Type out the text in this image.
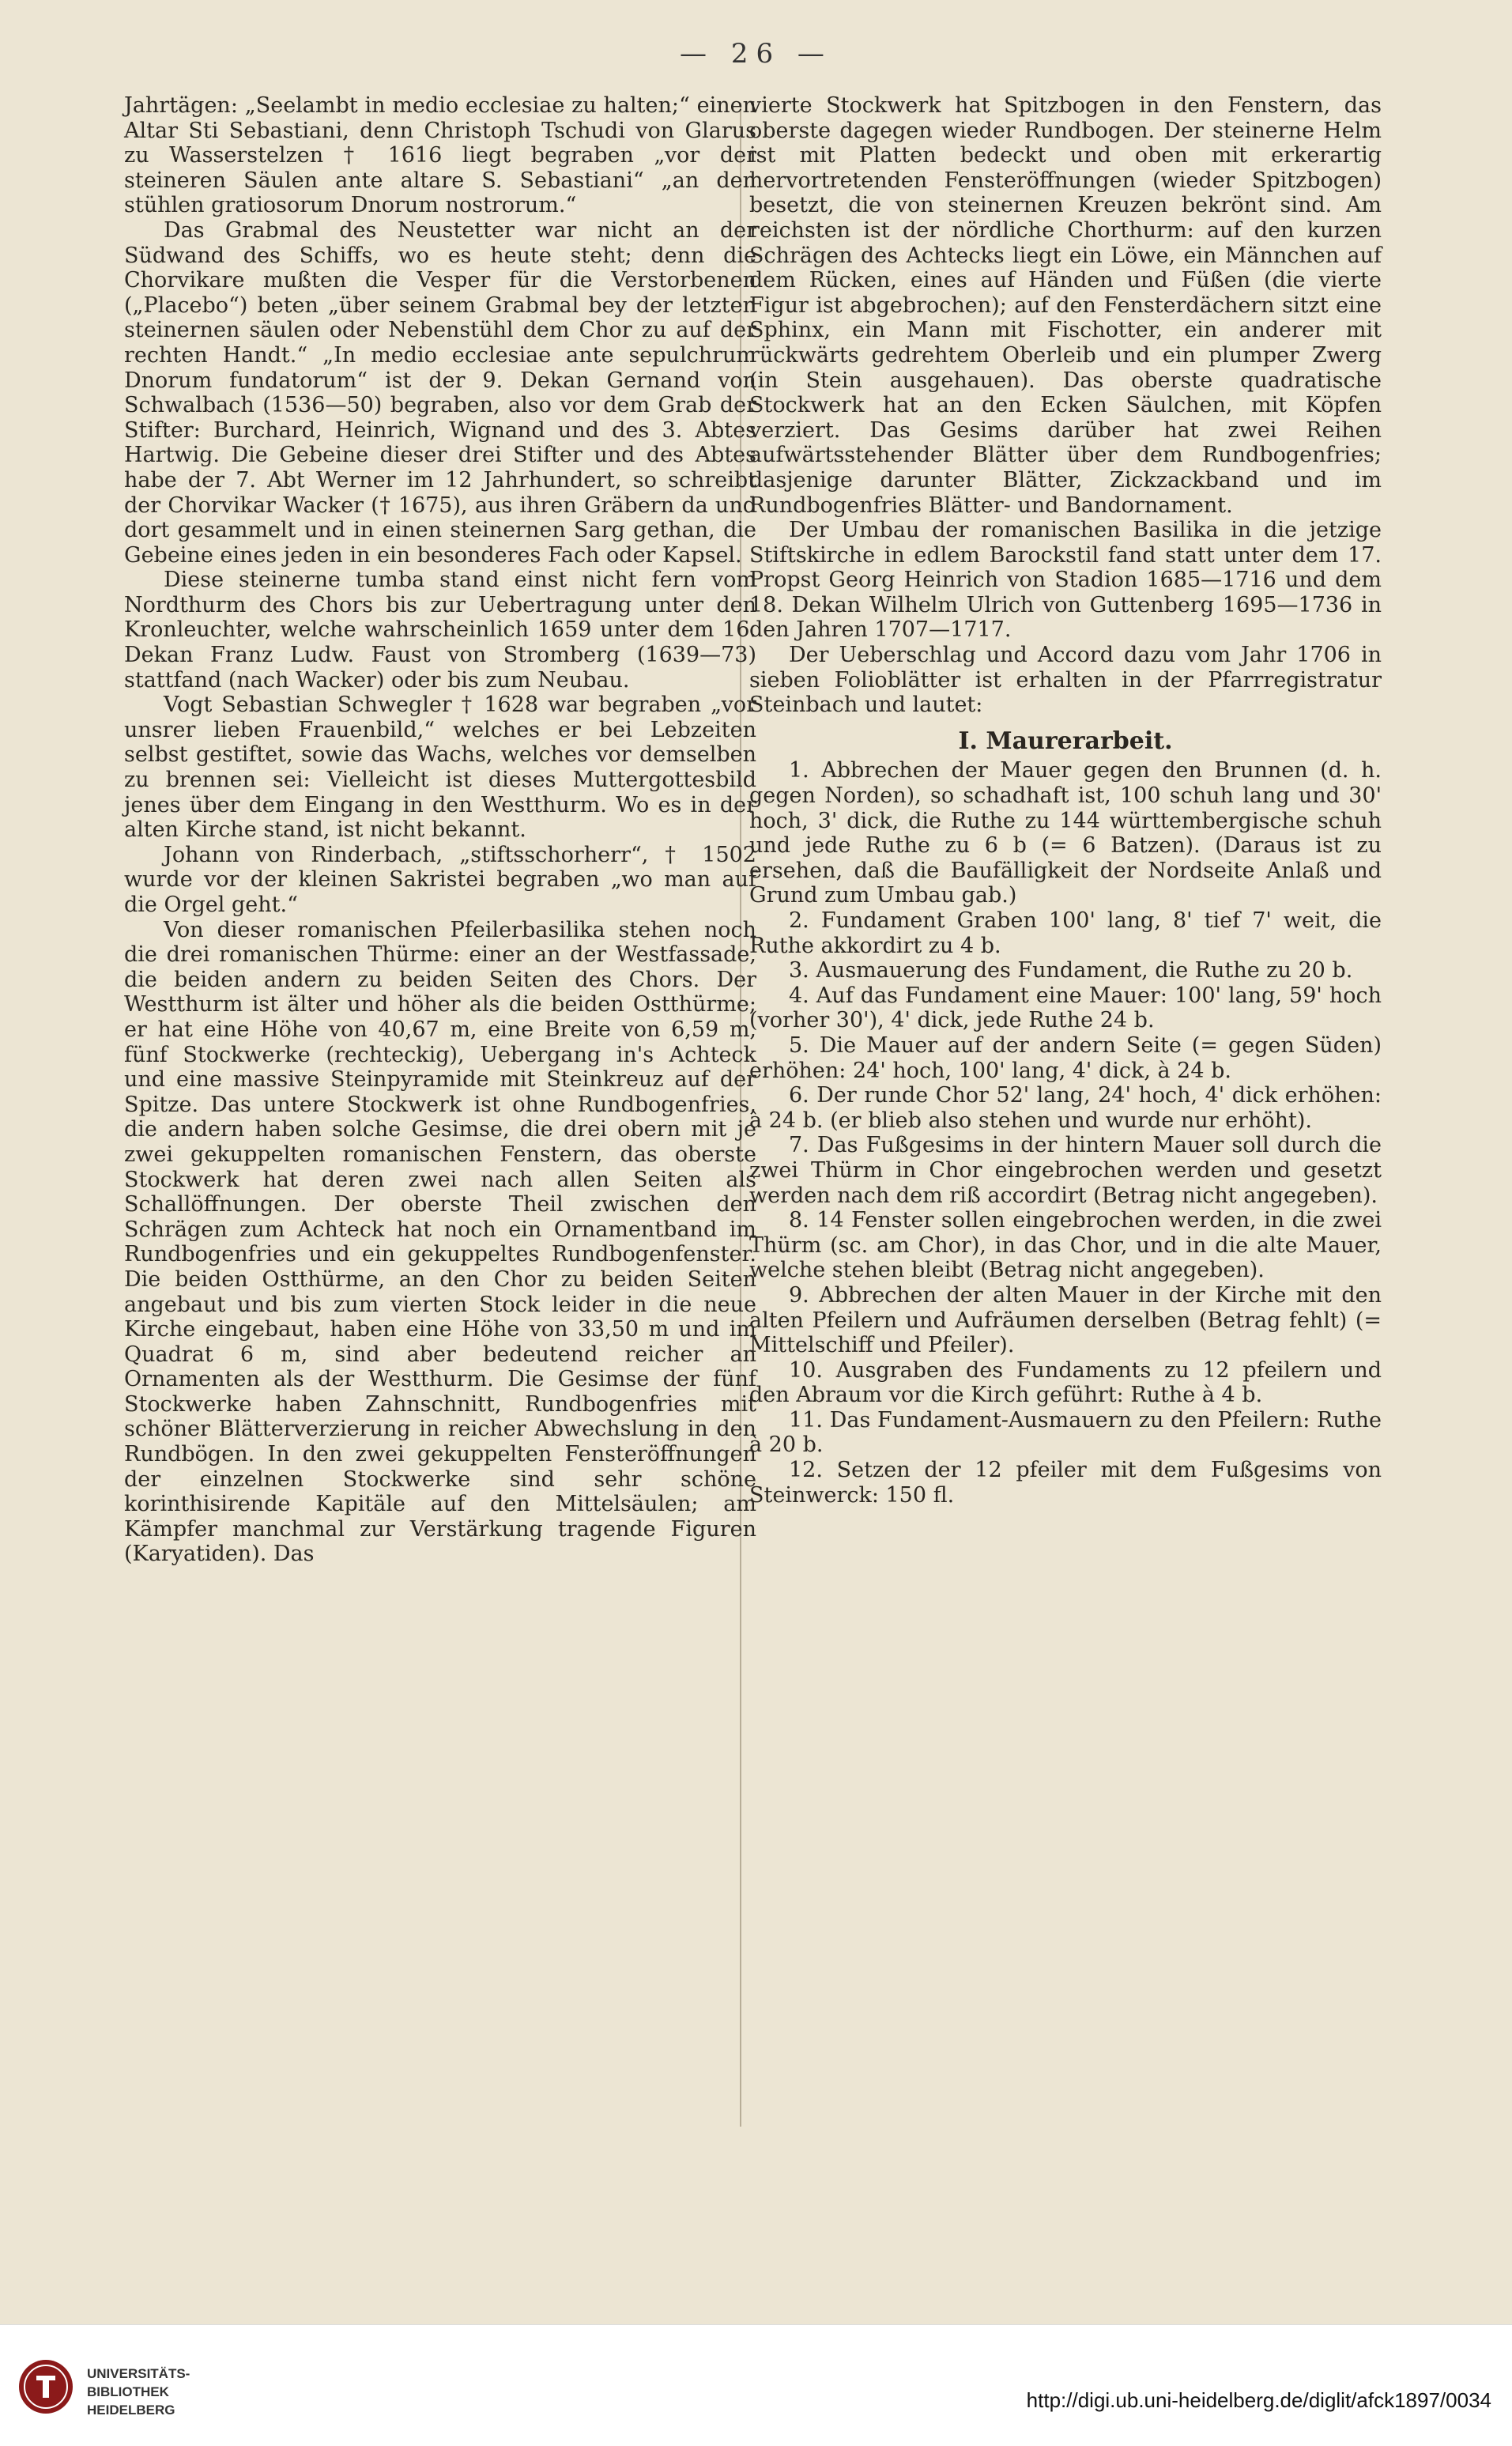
— 26 —

Jahrtägen: „Seelambt in medio ecclesiae zu halten;“ einen Altar Sti Sebastiani, denn Christoph Tschudi von Glarus zu Wasserstelzen † 1616 liegt begraben „vor der steineren Säulen ante altare S. Sebastiani“ „an den stühlen gratiosorum Dnorum nostrorum.“

Das Grabmal des Neustetter war nicht an der Südwand des Schiffs, wo es heute steht; denn die Chorvikare mußten die Vesper für die Verstorbenen („Placebo“) beten „über seinem Grabmal bey der letzten steinernen säulen oder Nebenstühl dem Chor zu auf der rechten Handt.“ „In medio ecclesiae ante sepulchrum Dnorum fundatorum“ ist der 9. Dekan Gernand von Schwalbach (1536—50) begraben, also vor dem Grab der Stifter: Burchard, Heinrich, Wignand und des 3. Abtes Hartwig. Die Gebeine dieser drei Stifter und des Abtes habe der 7. Abt Werner im 12 Jahrhundert, so schreibt der Chorvikar Wacker († 1675), aus ihren Gräbern da und dort gesammelt und in einen steinernen Sarg gethan, die Gebeine eines jeden in ein besonderes Fach oder Kapsel.

Diese steinerne tumba stand einst nicht fern vom Nordthurm des Chors bis zur Uebertragung unter den Kronleuchter, welche wahrscheinlich 1659 unter dem 16. Dekan Franz Ludw. Faust von Stromberg (1639—73) stattfand (nach Wacker) oder bis zum Neubau.

Vogt Sebastian Schwegler † 1628 war begraben „vor unsrer lieben Frauenbild,“ welches er bei Lebzeiten selbst gestiftet, sowie das Wachs, welches vor demselben zu brennen sei: Vielleicht ist dieses Muttergottesbild jenes über dem Eingang in den Westthurm. Wo es in der alten Kirche stand, ist nicht bekannt.

Johann von Rinderbach, „stiftsschorherr“, † 1502 wurde vor der kleinen Sakristei begraben „wo man auf die Orgel geht.“

Von dieser romanischen Pfeilerbasilika stehen noch die drei romanischen Thürme: einer an der Westfassade, die beiden andern zu beiden Seiten des Chors. Der Westthurm ist älter und höher als die beiden Ostthürme; er hat eine Höhe von 40,67 m, eine Breite von 6,59 m, fünf Stockwerke (rechteckig), Uebergang in's Achteck und eine massive Steinpyramide mit Steinkreuz auf der Spitze. Das untere Stockwerk ist ohne Rundbogenfries, die andern haben solche Gesimse, die drei obern mit je zwei gekuppelten romanischen Fenstern, das oberste Stockwerk hat deren zwei nach allen Seiten als Schallöffnungen. Der oberste Theil zwischen den Schrägen zum Achteck hat noch ein Ornamentband im Rundbogenfries und ein gekuppeltes Rundbogenfenster. Die beiden Ostthürme, an den Chor zu beiden Seiten angebaut und bis zum vierten Stock leider in die neue Kirche eingebaut, haben eine Höhe von 33,50 m und im Quadrat 6 m, sind aber bedeutend reicher an Ornamenten als der Westthurm. Die Gesimse der fünf Stockwerke haben Zahnschnitt, Rundbogenfries mit schöner Blätterverzierung in reicher Abwechslung in den Rundbögen. In den zwei gekuppelten Fensteröffnungen der einzelnen Stockwerke sind sehr schöne korinthisirende Kapitäle auf den Mittelsäulen; am Kämpfer manchmal zur Verstärkung tragende Figuren (Karyatiden). Das

vierte Stockwerk hat Spitzbogen in den Fenstern, das oberste dagegen wieder Rundbogen. Der steinerne Helm ist mit Platten bedeckt und oben mit erkerartig hervortretenden Fensteröffnungen (wieder Spitzbogen) besetzt, die von steinernen Kreuzen bekrönt sind. Am reichsten ist der nördliche Chorthurm: auf den kurzen Schrägen des Achtecks liegt ein Löwe, ein Männchen auf dem Rücken, eines auf Händen und Füßen (die vierte Figur ist abgebrochen); auf den Fensterdächern sitzt eine Sphinx, ein Mann mit Fischotter, ein anderer mit rückwärts gedrehtem Oberleib und ein plumper Zwerg (in Stein ausgehauen). Das oberste quadratische Stockwerk hat an den Ecken Säulchen, mit Köpfen verziert. Das Gesims darüber hat zwei Reihen aufwärtsstehender Blätter über dem Rundbogenfries; dasjenige darunter Blätter, Zickzackband und im Rundbogenfries Blätter- und Bandornament.

Der Umbau der romanischen Basilika in die jetzige Stiftskirche in edlem Barockstil fand statt unter dem 17. Propst Georg Heinrich von Stadion 1685—1716 und dem 18. Dekan Wilhelm Ulrich von Guttenberg 1695—1736 in den Jahren 1707—1717.

Der Ueberschlag und Accord dazu vom Jahr 1706 in sieben Folioblätter ist erhalten in der Pfarrregistratur Steinbach und lautet:

I. Maurerarbeit.

1. Abbrechen der Mauer gegen den Brunnen (d. h. gegen Norden), so schadhaft ist, 100 schuh lang und 30' hoch, 3' dick, die Ruthe zu 144 württembergische schuh und jede Ruthe zu 6 b (= 6 Batzen). (Daraus ist zu ersehen, daß die Baufälligkeit der Nordseite Anlaß und Grund zum Umbau gab.)

2. Fundament Graben 100' lang, 8' tief 7' weit, die Ruthe akkordirt zu 4 b.

3. Ausmauerung des Fundament, die Ruthe zu 20 b.

4. Auf das Fundament eine Mauer: 100' lang, 59' hoch (vorher 30'), 4' dick, jede Ruthe 24 b.

5. Die Mauer auf der andern Seite (= gegen Süden) erhöhen: 24' hoch, 100' lang, 4' dick, à 24 b.

6. Der runde Chor 52' lang, 24' hoch, 4' dick erhöhen: à 24 b. (er blieb also stehen und wurde nur erhöht).

7. Das Fußgesims in der hintern Mauer soll durch die zwei Thürm in Chor eingebrochen werden und gesetzt werden nach dem riß accordirt (Betrag nicht angegeben).

8. 14 Fenster sollen eingebrochen werden, in die zwei Thürm (sc. am Chor), in das Chor, und in die alte Mauer, welche stehen bleibt (Betrag nicht angegeben).

9. Abbrechen der alten Mauer in der Kirche mit den alten Pfeilern und Aufräumen derselben (Betrag fehlt) (= Mittelschiff und Pfeiler).

10. Ausgraben des Fundaments zu 12 pfeilern und den Abraum vor die Kirch geführt: Ruthe à 4 b.

11. Das Fundament-Ausmauern zu den Pfeilern: Ruthe à 20 b.

12. Setzen der 12 pfeiler mit dem Fußgesims von Steinwerck: 150 fl.

UNIVERSITÄTS-
BIBLIOTHEK
HEIDELBERG	http://digi.ub.uni-heidelberg.de/diglit/afck1897/0034
